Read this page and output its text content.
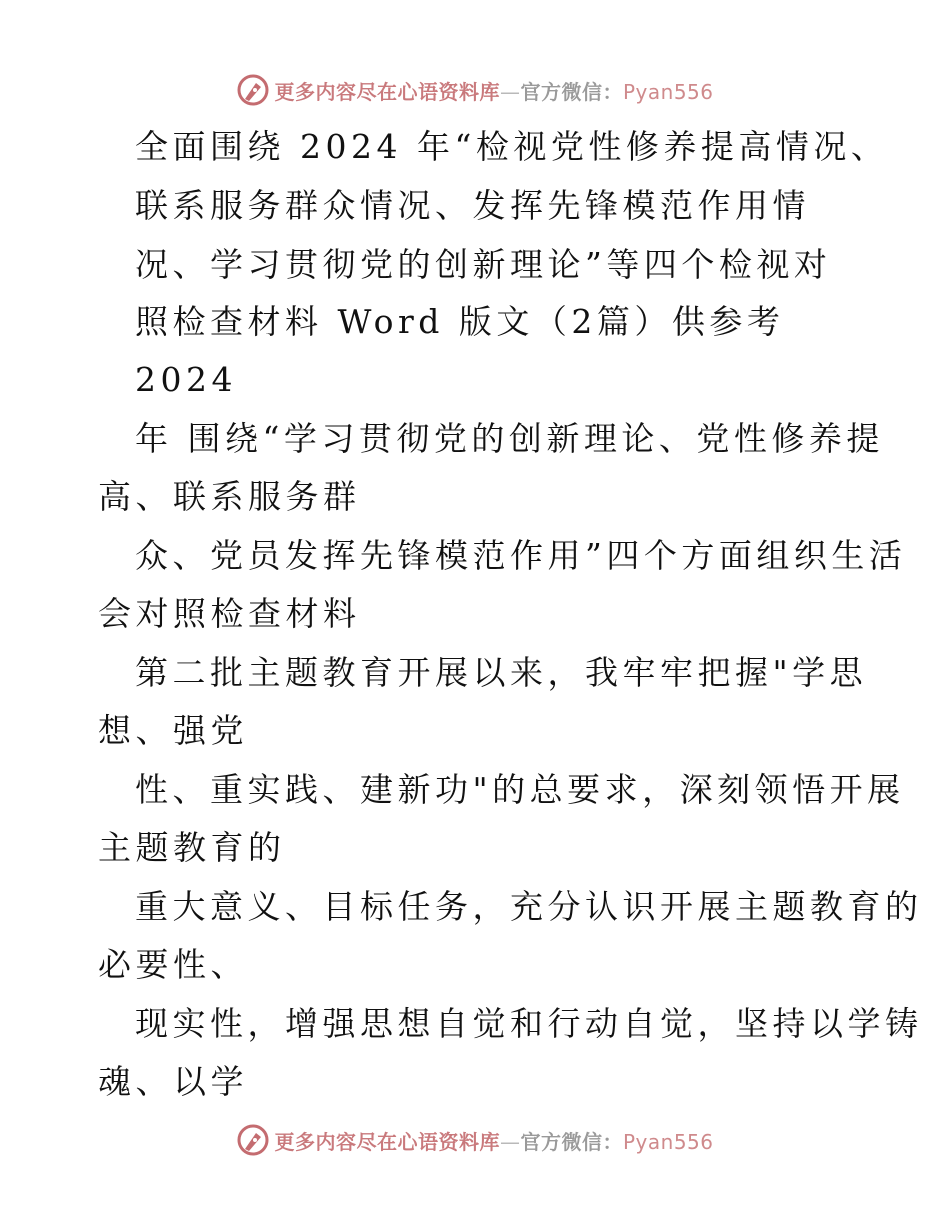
更多内容尽在心语资料库—官方微信：Pyan556
全面围绕 2024 年“检视党性修养提高情况、
联系服务群众情况、发挥先锋模范作用情
况、学习贯彻党的创新理论”等四个检视对
照检查材料 Word 版文（2篇）供参考
2024
年 围绕“学习贯彻党的创新理论、党性修养提
高、联系服务群
众、党员发挥先锋模范作用”四个方面组织生活
会对照检查材料
第二批主题教育开展以来，我牢牢把握"学思
想、强党
性、重实践、建新功"的总要求，深刻领悟开展
主题教育的
重大意义、目标任务，充分认识开展主题教育的
必要性、
现实性，增强思想自觉和行动自觉，坚持以学铸
魂、以学
更多内容尽在心语资料库—官方微信：Pyan556
